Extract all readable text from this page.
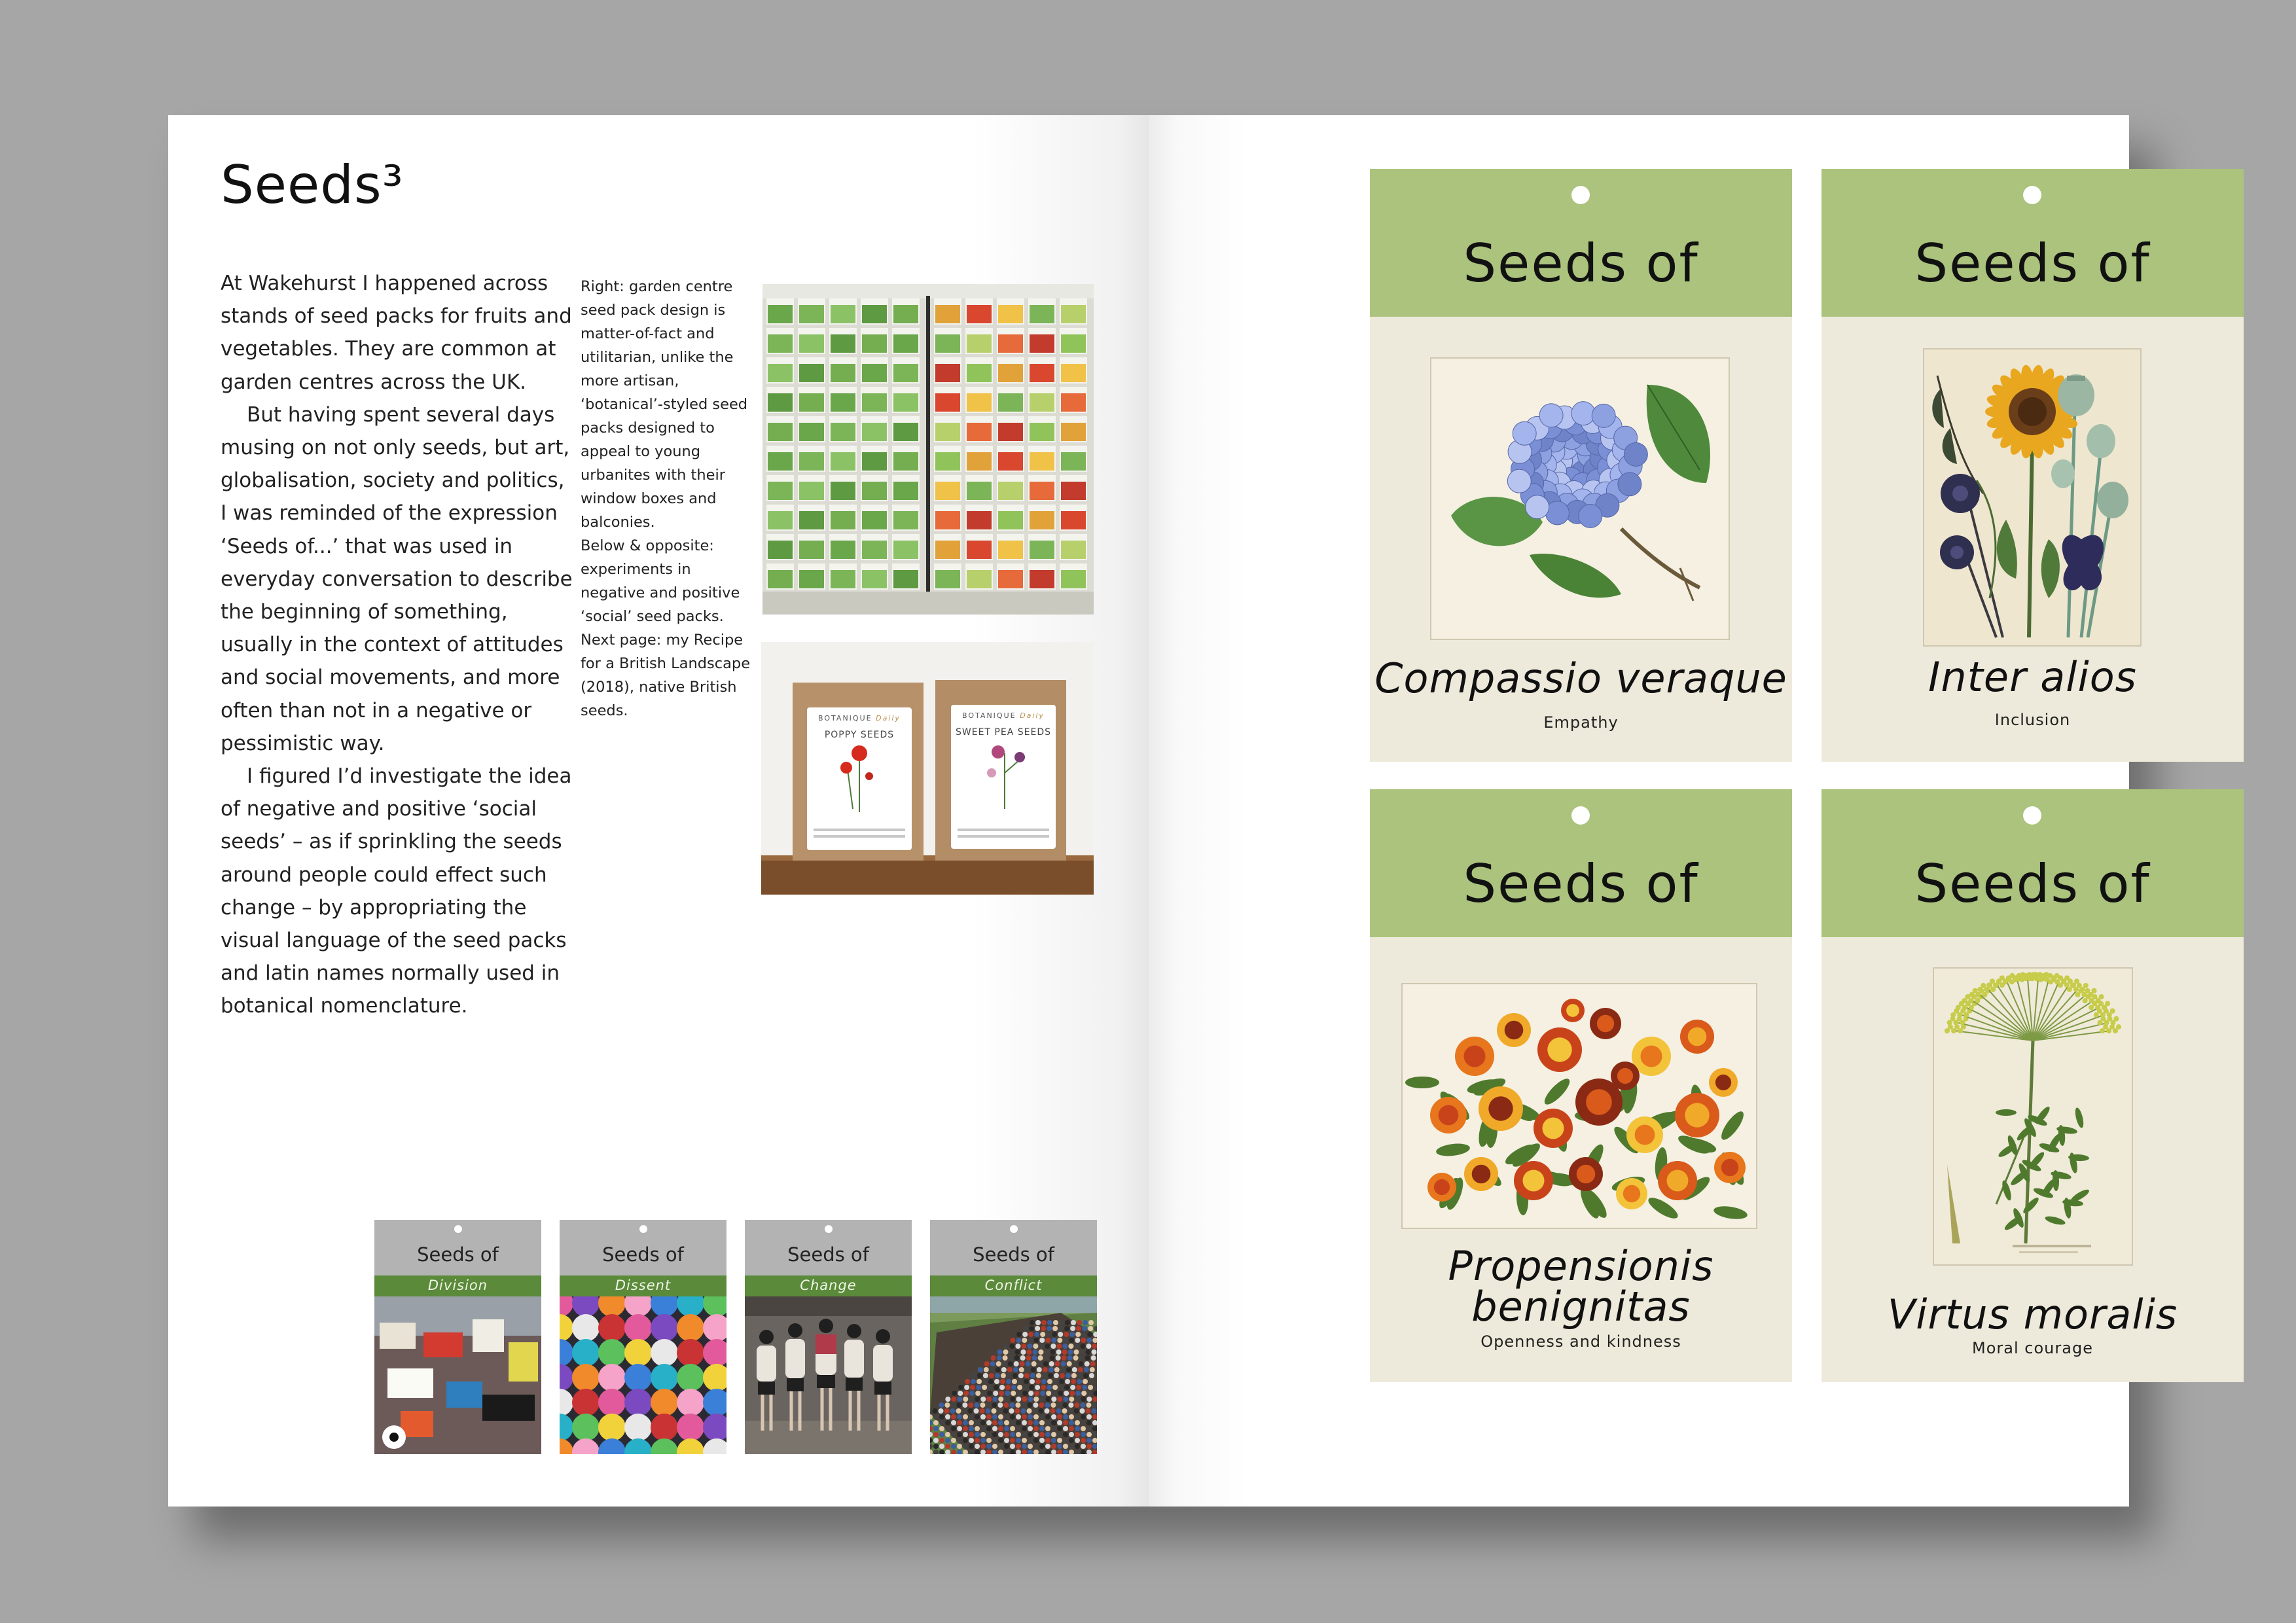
Seeds³

At Wakehurst I happened across stands of seed packs for fruits and vegetables. They are common at garden centres across the UK.

But having spent several days musing on not only seeds, but art, globalisation, society and politics, I was reminded of the expression ‘Seeds of...’ that was used in everyday conversation to describe the beginning of something, usually in the context of attitudes and social movements, and more often than not in a negative or pessimistic way.

I figured I’d investigate the idea of negative and positive ‘social seeds’ – as if sprinkling the seeds around people could effect such change – by appropriating the visual language of the seed packs and latin names normally used in botanical nomenclature.

Right: garden centre seed pack design is matter-of-fact and utilitarian, unlike the more artisan, ‘botanical’-styled seed packs designed to appeal to young urbanites with their window boxes and balconies.

Below & opposite: experiments in negative and positive ‘social’ seed packs.

Next page: my Recipe for a British Landscape (2018), native British seeds.	BOTANIQUE Daily
POPPY SEEDS
BOTANIQUE Daily
SWEET PEA SEEDS
Seeds of
Division
Seeds of
Dissent
Seeds of
Change
Seeds of
Conflict
Seeds of
Compassio veraque
Empathy
Seeds of
Inter alios
Inclusion
Seeds of
Propensionis
benignitas
Openness and kindness
Seeds of
Virtus moralis
Moral courage
